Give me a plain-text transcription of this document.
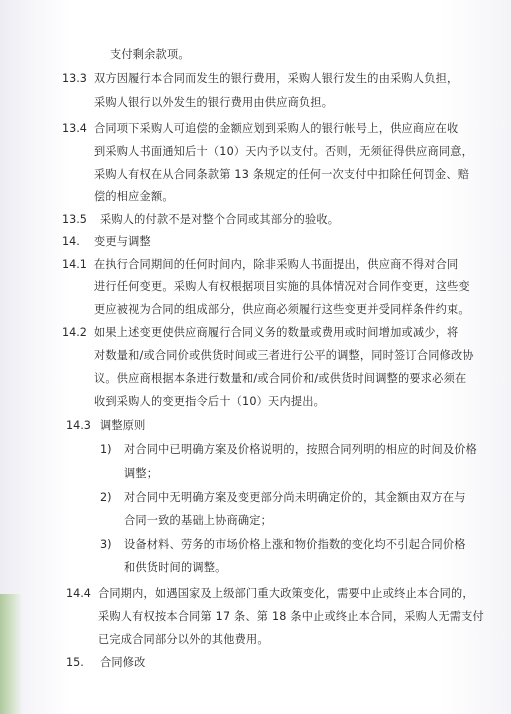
支付剩余款项。
13.3 双方因履行本合同而发生的银行费用，采购人银行发生的由采购人负担，
采购人银行以外发生的银行费用由供应商负担。
13.4 合同项下采购人可追偿的金额应划到采购人的银行帐号上，供应商应在收
到采购人书面通知后十（10）天内予以支付。否则，无须征得供应商同意，
采购人有权在从合同条款第 13 条规定的任何一次支付中扣除任何罚金、赔
偿的相应金额。
13.5 采购人的付款不是对整个合同或其部分的验收。
14. 变更与调整
14.1 在执行合同期间的任何时间内，除非采购人书面提出，供应商不得对合同
进行任何变更。采购人有权根据项目实施的具体情况对合同作变更，这些变
更应被视为合同的组成部分，供应商必须履行这些变更并受同样条件约束。
14.2 如果上述变更使供应商履行合同义务的数量或费用或时间增加或减少，将
对数量和/或合同价或供货时间或三者进行公平的调整，同时签订合同修改协
议。供应商根据本条进行数量和/或合同价和/或供货时间调整的要求必须在
收到采购人的变更指令后十（10）天内提出。
14.3 调整原则
1) 对合同中已明确方案及价格说明的，按照合同列明的相应的时间及价格
调整；
2) 对合同中无明确方案及变更部分尚未明确定价的，其金额由双方在与
合同一致的基础上协商确定；
3) 设备材料、劳务的市场价格上涨和物价指数的变化均不引起合同价格
和供货时间的调整。
14.4 合同期内，如遇国家及上级部门重大政策变化，需要中止或终止本合同的，
采购人有权按本合同第 17 条、第 18 条中止或终止本合同，采购人无需支付
已完成合同部分以外的其他费用。
15. 合同修改
